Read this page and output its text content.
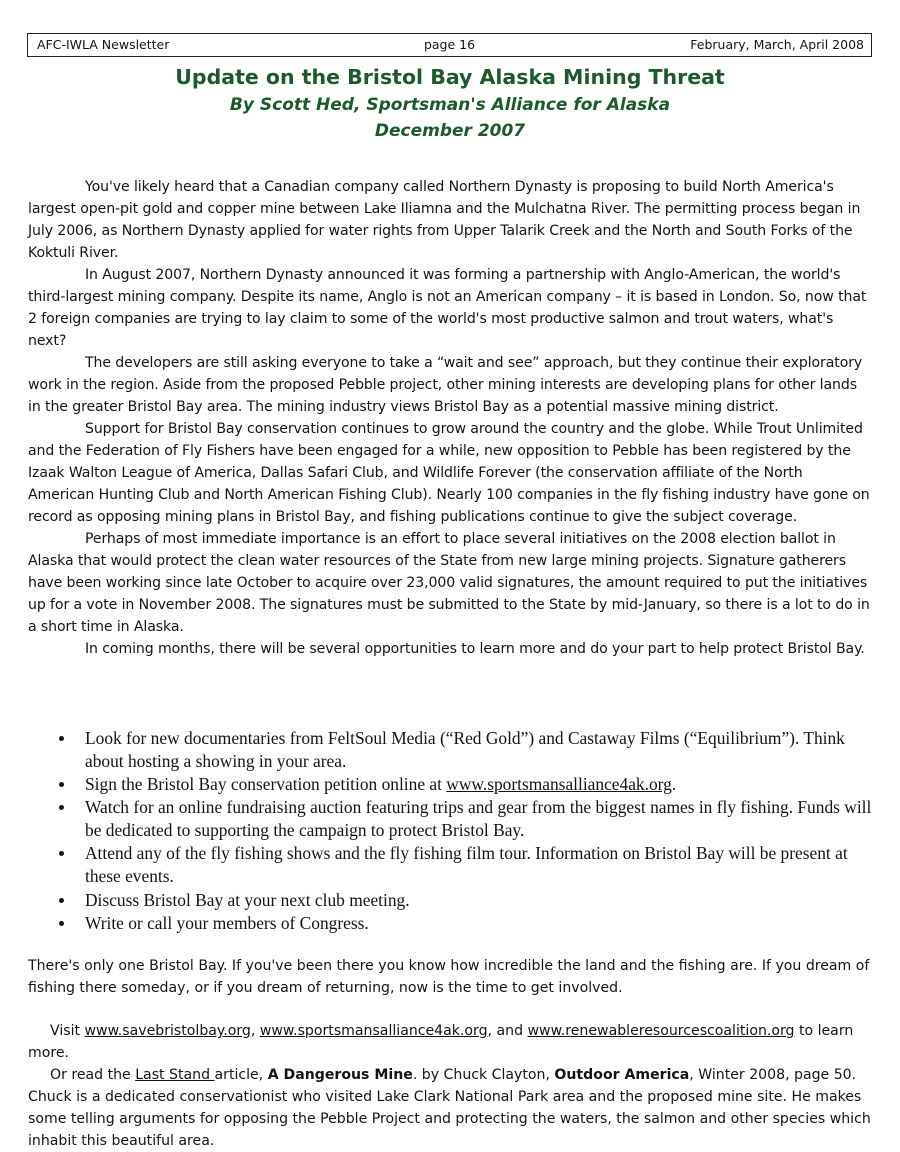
AFC-IWLA Newsletter	page 16	February, March, April 2008
Update on the Bristol Bay Alaska Mining Threat
By Scott Hed, Sportsman's Alliance for Alaska
December 2007

You've likely heard that a Canadian company called Northern Dynasty is proposing to build North America's largest open-pit gold and copper mine between Lake Iliamna and the Mulchatna River. The permitting process began in July 2006, as Northern Dynasty applied for water rights from Upper Talarik Creek and the North and South Forks of the Koktuli River.

In August 2007, Northern Dynasty announced it was forming a partnership with Anglo-American, the world's third-largest mining company. Despite its name, Anglo is not an American company – it is based in London. So, now that 2 foreign companies are trying to lay claim to some of the world's most productive salmon and trout waters, what's next?

The developers are still asking everyone to take a “wait and see” approach, but they continue their exploratory work in the region. Aside from the proposed Pebble project, other mining interests are developing plans for other lands in the greater Bristol Bay area. The mining industry views Bristol Bay as a potential massive mining district.

Support for Bristol Bay conservation continues to grow around the country and the globe. While Trout Unlimited and the Federation of Fly Fishers have been engaged for a while, new opposition to Pebble has been registered by the Izaak Walton League of America, Dallas Safari Club, and Wildlife Forever (the conservation affiliate of the North American Hunting Club and North American Fishing Club). Nearly 100 companies in the fly fishing industry have gone on record as opposing mining plans in Bristol Bay, and fishing publications continue to give the subject coverage.

Perhaps of most immediate importance is an effort to place several initiatives on the 2008 election ballot in Alaska that would protect the clean water resources of the State from new large mining projects. Signature gatherers have been working since late October to acquire over 23,000 valid signatures, the amount required to put the initiatives up for a vote in November 2008. The signatures must be submitted to the State by mid-January, so there is a lot to do in a short time in Alaska.

In coming months, there will be several opportunities to learn more and do your part to help protect Bristol Bay.

Look for new documentaries from FeltSoul Media (“Red Gold”) and Castaway Films (“Equilibrium”). Think about hosting a showing in your area.
Sign the Bristol Bay conservation petition online at www.sportsmansalliance4ak.org.
Watch for an online fundraising auction featuring trips and gear from the biggest names in fly fishing. Funds will be dedicated to supporting the campaign to protect Bristol Bay.
Attend any of the fly fishing shows and the fly fishing film tour. Information on Bristol Bay will be present at these events.
Discuss Bristol Bay at your next club meeting.
Write or call your members of Congress.

There's only one Bristol Bay. If you've been there you know how incredible the land and the fishing are. If you dream of fishing there someday, or if you dream of returning, now is the time to get involved.

Visit www.savebristolbay.org, www.sportsmansalliance4ak.org, and www.renewableresourcescoalition.org to learn more.

Or read the Last Stand article, A Dangerous Mine. by Chuck Clayton, Outdoor America, Winter 2008, page 50. Chuck is a dedicated conservationist who visited Lake Clark National Park area and the proposed mine site. He makes some telling arguments for opposing the Pebble Project and protecting the waters, the salmon and other species which inhabit this beautiful area.
